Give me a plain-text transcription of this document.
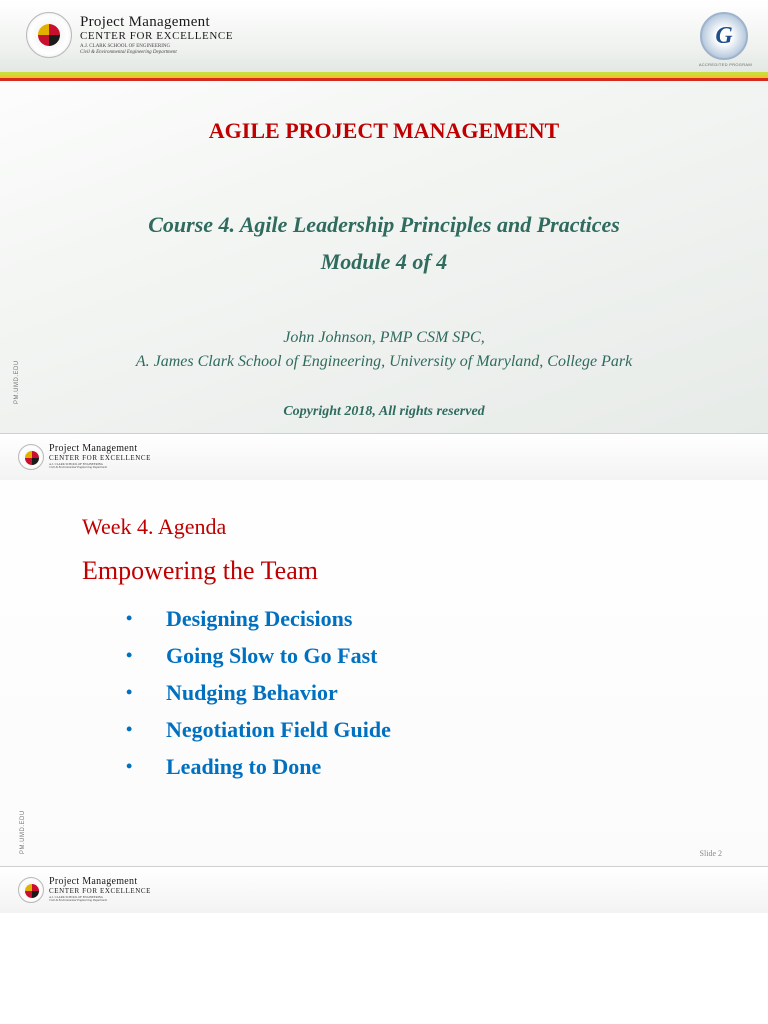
Project Management
CENTER FOR EXCELLENCE
A.J. CLARK SCHOOL OF ENGINEERING
Civil & Environmental Engineering Department
G
ACCREDITED PROGRAM
PM.UMD.EDU
AGILE PROJECT MANAGEMENT
Course 4. Agile Leadership Principles and Practices
Module 4 of 4
John Johnson, PMP CSM SPC,
A. James Clark School of Engineering, University of Maryland, College Park
Copyright 2018, All rights reserved
Project Management
CENTER FOR EXCELLENCE
A.J. CLARK SCHOOL OF ENGINEERING
Civil & Environmental Engineering Department
PM.UMD.EDU
Week 4. Agenda
Empowering the Team
•	Designing Decisions
•	Going Slow to Go Fast
•	Nudging Behavior
•	Negotiation Field Guide
•	Leading to Done
Slide 2
Project Management
CENTER FOR EXCELLENCE
A.J. CLARK SCHOOL OF ENGINEERING
Civil & Environmental Engineering Department
